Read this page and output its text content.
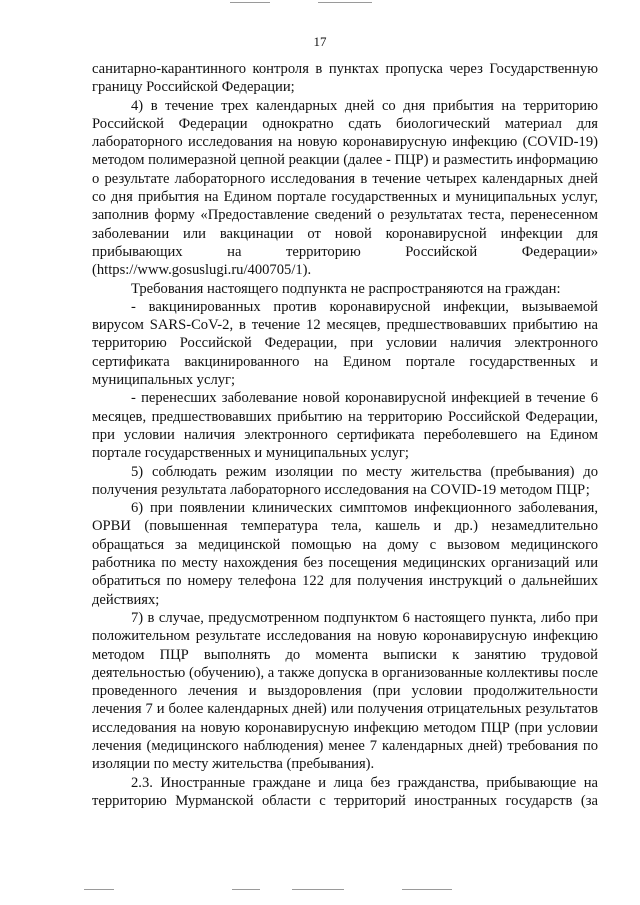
17

санитарно-карантинного контроля в пунктах пропуска через Государственную границу Российской Федерации;

4) в течение трех календарных дней со дня прибытия на территорию Российской Федерации однократно сдать биологический материал для лабораторного исследования на новую коронавирусную инфекцию (COVID-19) методом полимеразной цепной реакции (далее - ПЦР) и разместить информацию о результате лабораторного исследования в течение четырех календарных дней со дня прибытия на Едином портале государственных и муниципальных услуг, заполнив форму «Предоставление сведений о результатах теста, перенесенном заболевании или вакцинации от новой коронавирусной инфекции для прибывающих на территорию Российской Федерации» (https://www.gosuslugi.ru/400705/1).

Требования настоящего подпункта не распространяются на граждан:

- вакцинированных против коронавирусной инфекции, вызываемой вирусом SARS-CoV-2, в течение 12 месяцев, предшествовавших прибытию на территорию Российской Федерации, при условии наличия электронного сертификата вакцинированного на Едином портале государственных и муниципальных услуг;

- перенесших заболевание новой коронавирусной инфекцией в течение 6 месяцев, предшествовавших прибытию на территорию Российской Федерации, при условии наличия электронного сертификата переболевшего на Едином портале государственных и муниципальных услуг;

5) соблюдать режим изоляции по месту жительства (пребывания) до получения результата лабораторного исследования на COVID-19 методом ПЦР;

6) при появлении клинических симптомов инфекционного заболевания, ОРВИ (повышенная температура тела, кашель и др.) незамедлительно обращаться за медицинской помощью на дому с вызовом медицинского работника по месту нахождения без посещения медицинских организаций или обратиться по номеру телефона 122 для получения инструкций о дальнейших действиях;

7) в случае, предусмотренном подпунктом 6 настоящего пункта, либо при положительном результате исследования на новую коронавирусную инфекцию методом ПЦР выполнять до момента выписки к занятию трудовой деятельностью (обучению), а также допуска в организованные коллективы после проведенного лечения и выздоровления (при условии продолжительности лечения 7 и более календарных дней) или получения отрицательных результатов исследования на новую коронавирусную инфекцию методом ПЦР (при условии лечения (медицинского наблюдения) менее 7 календарных дней) требования по изоляции по месту жительства (пребывания).

2.3. Иностранные граждане и лица без гражданства, прибывающие на территорию Мурманской области с территорий иностранных государств (за
